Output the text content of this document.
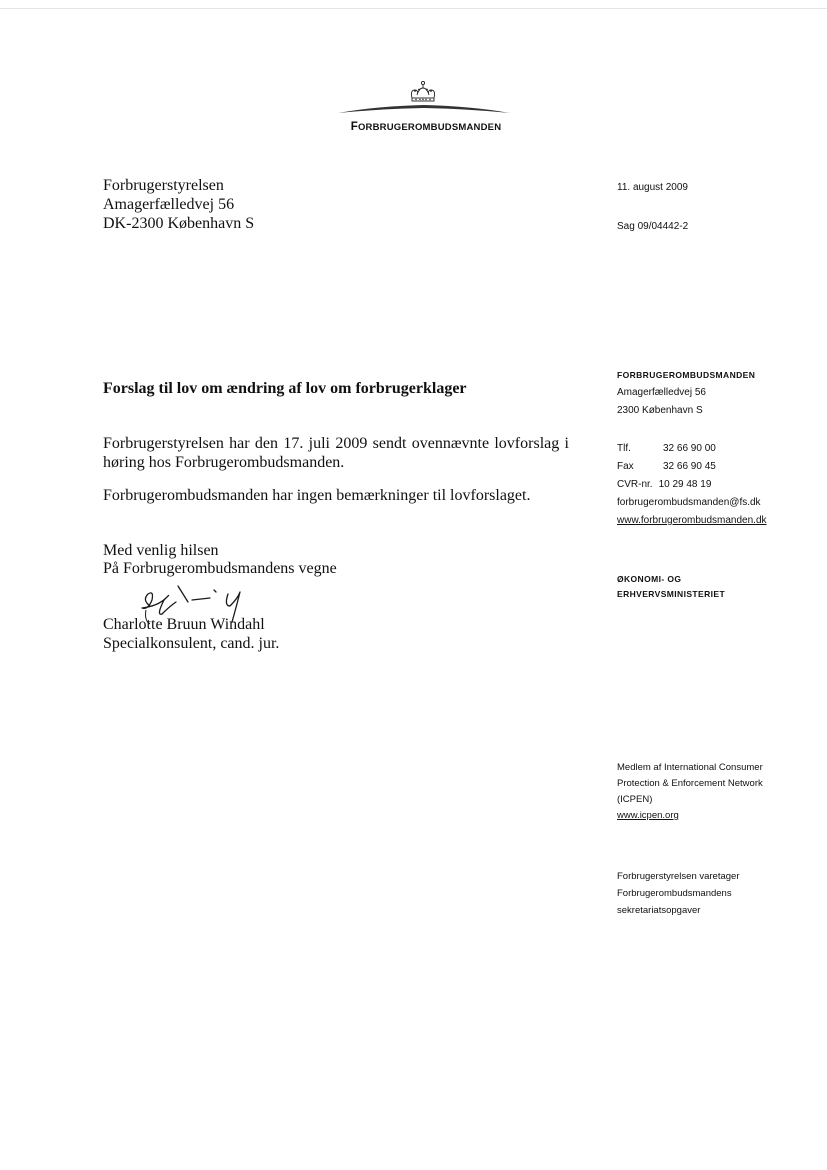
FORBRUGEROMBUDSMANDEN
Forbrugerstyrelsen
Amagerfælledvej 56
DK-2300 København S
11. august 2009
Sag 09/04442-2
FORBRUGEROMBUDSMANDEN
Amagerfælledvej 56
2300 København S
Tlf.	32 66 90 00
Fax	32 66 90 45
CVR-nr. 10 29 48 19
forbrugerombudsmanden@fs.dk
www.forbrugerombudsmanden.dk
ØKONOMI- OG
ERHVERVSMINISTERIET
Medlem af International Consumer
Protection & Enforcement Network
(ICPEN)
www.icpen.org
Forbrugerstyrelsen varetager
Forbrugerombudsmandens
sekretariatsopgaver
Forslag til lov om ændring af lov om forbrugerklager
Forbrugerstyrelsen har den 17. juli 2009 sendt ovennævnte lovforslag i høring hos Forbrugerombudsmanden.
Forbrugerombudsmanden har ingen bemærkninger til lovforslaget.
Med venlig hilsen
På Forbrugerombudsmandens vegne
Charlotte Bruun Windahl
Specialkonsulent, cand. jur.
